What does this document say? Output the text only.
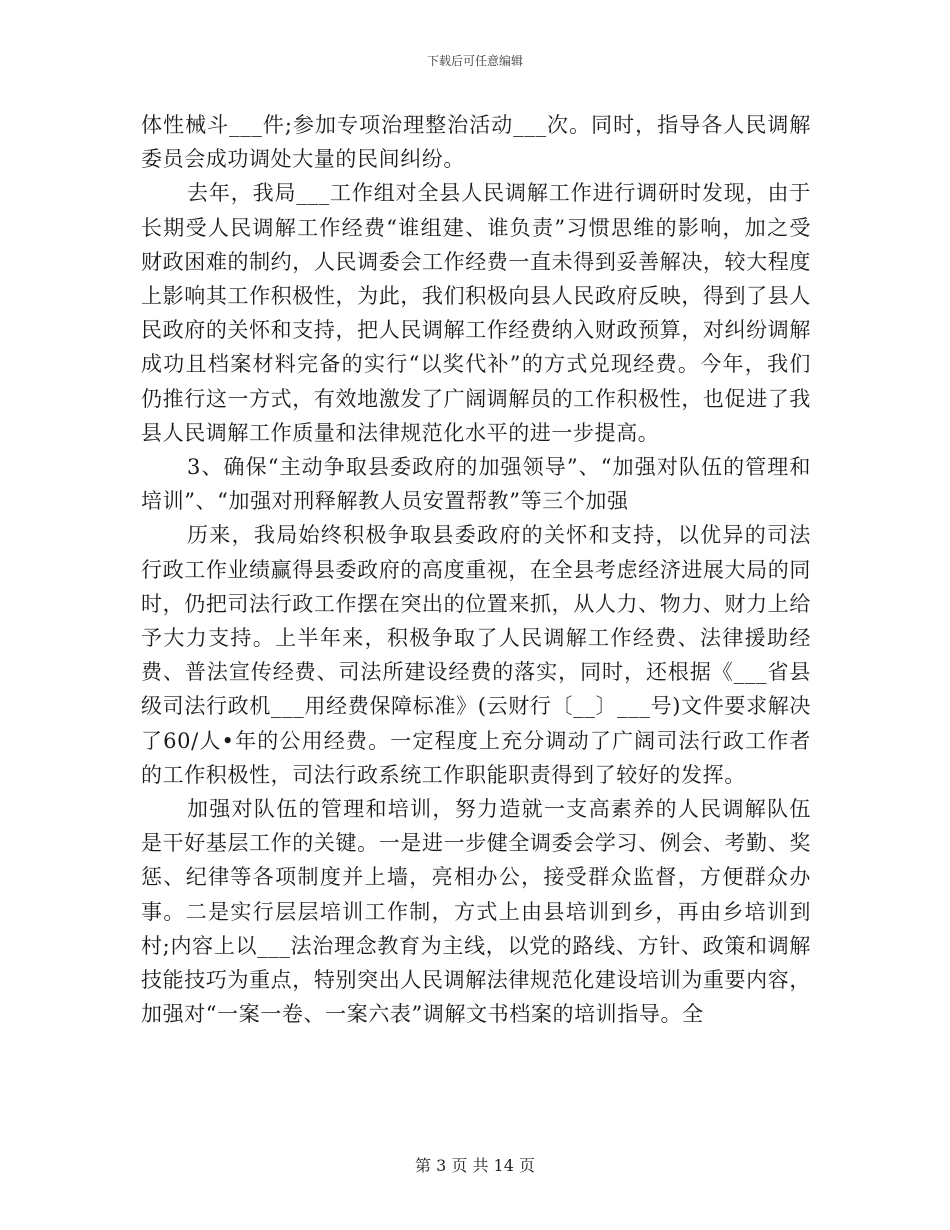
下载后可任意编辑

体性械斗___件;参加专项治理整治活动___次。同时，指导各人民调解委员会成功调处大量的民间纠纷。

去年，我局___工作组对全县人民调解工作进行调研时发现，由于长期受人民调解工作经费“谁组建、谁负责”习惯思维的影响，加之受财政困难的制约，人民调委会工作经费一直未得到妥善解决，较大程度上影响其工作积极性，为此，我们积极向县人民政府反映，得到了县人民政府的关怀和支持，把人民调解工作经费纳入财政预算，对纠纷调解成功且档案材料完备的实行“以奖代补”的方式兑现经费。今年，我们仍推行这一方式，有效地激发了广阔调解员的工作积极性，也促进了我县人民调解工作质量和法律规范化水平的进一步提高。

3、确保“主动争取县委政府的加强领导”、“加强对队伍的管理和培训”、“加强对刑释解教人员安置帮教”等三个加强

历来，我局始终积极争取县委政府的关怀和支持，以优异的司法行政工作业绩赢得县委政府的高度重视，在全县考虑经济进展大局的同时，仍把司法行政工作摆在突出的位置来抓，从人力、物力、财力上给予大力支持。上半年来，积极争取了人民调解工作经费、法律援助经费、普法宣传经费、司法所建设经费的落实，同时，还根据《___省县级司法行政机___用经费保障标准》(云财行〔__〕___号)文件要求解决了60/人•年的公用经费。一定程度上充分调动了广阔司法行政工作者的工作积极性，司法行政系统工作职能职责得到了较好的发挥。

加强对队伍的管理和培训，努力造就一支高素养的人民调解队伍是干好基层工作的关键。一是进一步健全调委会学习、例会、考勤、奖惩、纪律等各项制度并上墙，亮相办公，接受群众监督，方便群众办事。二是实行层层培训工作制，方式上由县培训到乡，再由乡培训到村;内容上以___法治理念教育为主线，以党的路线、方针、政策和调解技能技巧为重点，特别突出人民调解法律规范化建设培训为重要内容，加强对“一案一卷、一案六表”调解文书档案的培训指导。全

第 3 页 共 14 页
